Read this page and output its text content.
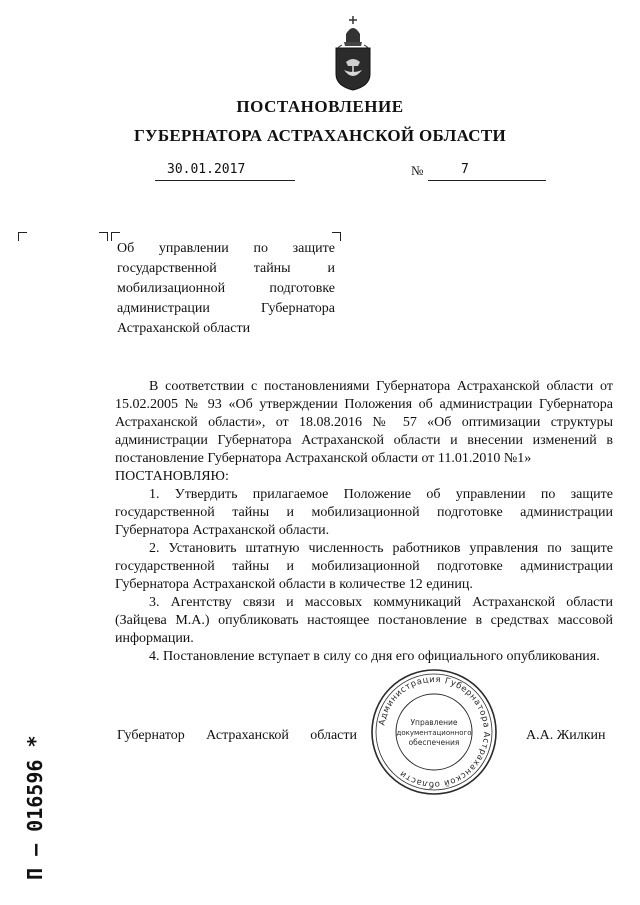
ПОСТАНОВЛЕНИЕ
ГУБЕРНАТОРА АСТРАХАНСКОЙ ОБЛАСТИ
30.01.2017	№	7
Об управлении по защите государственной тайны и мобилизационной подготовке администрации Губернатора Астраханской области

В соответствии с постановлениями Губернатора Астраханской области от 15.02.2005 № 93 «Об утверждении Положения об администрации Губернатора Астраханской области», от 18.08.2016 № 57 «Об оптимизации структуры администрации Губернатора Астраханской области и внесении изменений в постановление Губернатора Астраханской области от 11.01.2010 №1»

ПОСТАНОВЛЯЮ:

1. Утвердить прилагаемое Положение об управлении по защите государственной тайны и мобилизационной подготовке администрации Губернатора Астраханской области.

2. Установить штатную численность работников управления по защите государственной тайны и мобилизационной подготовке администрации Губернатора Астраханской области в количестве 12 единиц.

3. Агентству связи и массовых коммуникаций Астраханской области (Зайцева М.А.) опубликовать настоящее постановление в средствах массовой информации.

4. Постановление вступает в силу со дня его официального опубликования.

Губернатор Астраханской области	А.А. Жилкин
Администрация Губернатора Астраханской области
Управление
документационного
обеспечения
П – 016596 *
